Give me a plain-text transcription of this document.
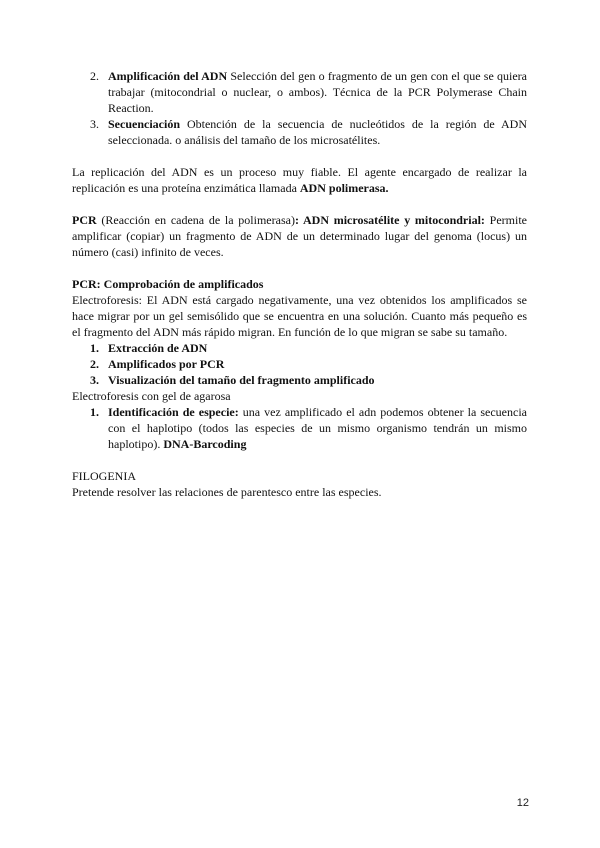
2. Amplificación del ADN Selección del gen o fragmento de un gen con el que se quiera trabajar (mitocondrial o nuclear, o ambos). Técnica de la PCR Polymerase Chain Reaction.
3. Secuenciación Obtención de la secuencia de nucleótidos de la región de ADN seleccionada. o análisis del tamaño de los microsatélites.

La replicación del ADN es un proceso muy fiable. El agente encargado de realizar la replicación es una proteína enzimática llamada ADN polimerasa.

PCR (Reacción en cadena de la polimerasa): ADN microsatélite y mitocondrial: Permite amplificar (copiar) un fragmento de ADN de un determinado lugar del genoma (locus) un número (casi) infinito de veces.

PCR: Comprobación de amplificados

Electroforesis: El ADN está cargado negativamente, una vez obtenidos los amplificados se hace migrar por un gel semisólido que se encuentra en una solución. Cuanto más pequeño es el fragmento del ADN más rápido migran. En función de lo que migran se sabe su tamaño.

1. Extracción de ADN
2. Amplificados por PCR
3. Visualización del tamaño del fragmento amplificado

Electroforesis con gel de agarosa

1. Identificación de especie: una vez amplificado el adn podemos obtener la secuencia con el haplotipo (todos las especies de un mismo organismo tendrán un mismo haplotipo). DNA-Barcoding

FILOGENIA

Pretende resolver las relaciones de parentesco entre las especies.

12
